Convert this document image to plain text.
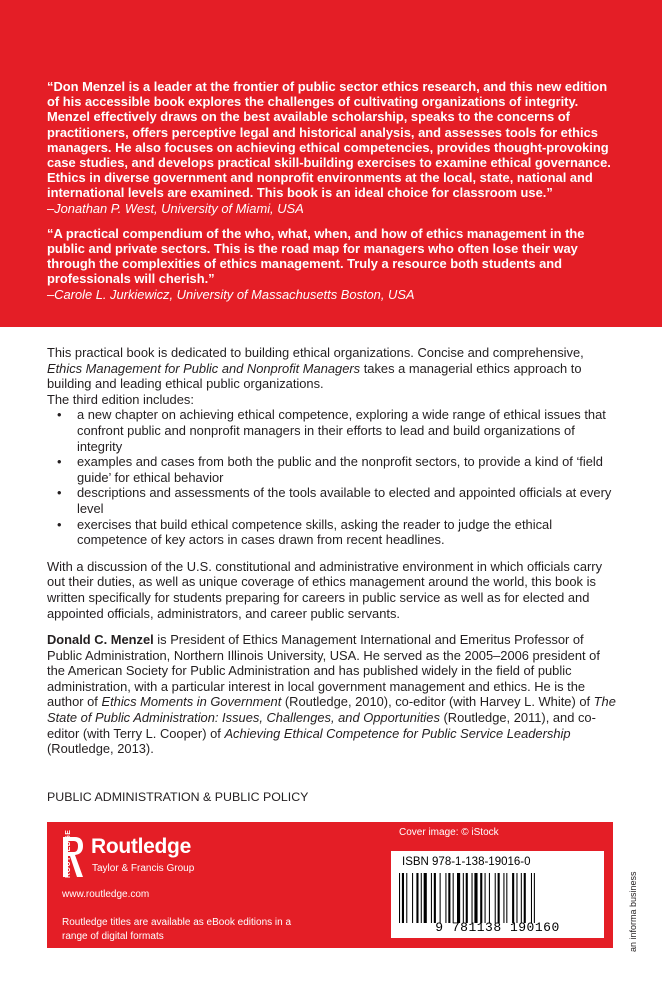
“Don Menzel is a leader at the frontier of public sector ethics research, and this new edition of his accessible book explores the challenges of cultivating organizations of integrity. Menzel effectively draws on the best available scholarship, speaks to the concerns of practitioners, offers perceptive legal and historical analysis, and assesses tools for ethics managers. He also focuses on achieving ethical competencies, provides thought-provoking case studies, and develops practical skill-building exercises to examine ethical governance. Ethics in diverse government and nonprofit environments at the local, state, national and international levels are examined. This book is an ideal choice for classroom use.”

–Jonathan P. West, University of Miami, USA

“A practical compendium of the who, what, when, and how of ethics management in the public and private sectors. This is the road map for managers who often lose their way through the complexities of ethics management. Truly a resource both students and professionals will cherish.”

–Carole L. Jurkiewicz, University of Massachusetts Boston, USA

This practical book is dedicated to building ethical organizations. Concise and comprehensive, Ethics Management for Public and Nonprofit Managers takes a managerial ethics approach to building and leading ethical public organizations.
The third edition includes:

• a new chapter on achieving ethical competence, exploring a wide range of ethical issues that confront public and nonprofit managers in their efforts to lead and build organizations of integrity
• examples and cases from both the public and the nonprofit sectors, to provide a kind of ‘field guide’ for ethical behavior
• descriptions and assessments of the tools available to elected and appointed officials at every level
• exercises that build ethical competence skills, asking the reader to judge the ethical competence of key actors in cases drawn from recent headlines.

With a discussion of the U.S. constitutional and administrative environment in which officials carry out their duties, as well as unique coverage of ethics management around the world, this book is written specifically for students preparing for careers in public service as well as for elected and appointed officials, administrators, and career public servants.

Donald C. Menzel is President of Ethics Management International and Emeritus Professor of Public Administration, Northern Illinois University, USA. He served as the 2005–2006 president of the American Society for Public Administration and has published widely in the field of public administration, with a particular interest in local government management and ethics. He is the author of Ethics Moments in Government (Routledge, 2010), co-editor (with Harvey L. White) of The State of Public Administration: Issues, Challenges, and Opportunities (Routledge, 2011), and co-editor (with Terry L. Cooper) of Achieving Ethical Competence for Public Service Leadership (Routledge, 2013).

PUBLIC ADMINISTRATION & PUBLIC POLICY
ROUTLEDGE Routledge
Taylor & Francis Group
www.routledge.com
Routledge titles are available as eBook editions in a range of digital formats
Cover image: © iStock
ISBN 978-1-138-19016-0
9 781138 190160	an informa business
